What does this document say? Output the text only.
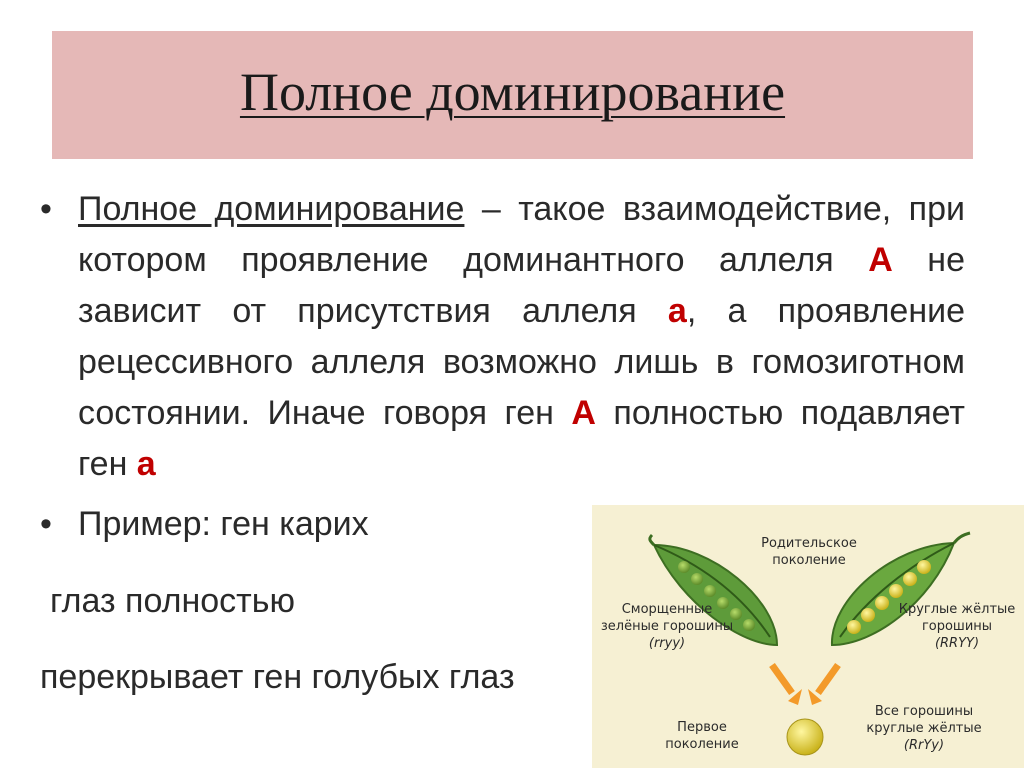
Полное доминирование
• Полное доминирование – такое взаимодействие, при котором проявление доминантного аллеля А не зависит от присутствия аллеля а, а проявление рецессивного аллеля возможно лишь в гомозиготном состоянии. Иначе говоря ген А полностью подавляет ген а
• Пример: ген карих
глаз полностью
перекрывает ген голубых глаз
Родительское
поколение
Сморщенные
зелёные горошины
(rryy)
Круглые жёлтые
горошины
(RRYY)
Первое
поколение
Все горошины
круглые жёлтые
(RrYy)
